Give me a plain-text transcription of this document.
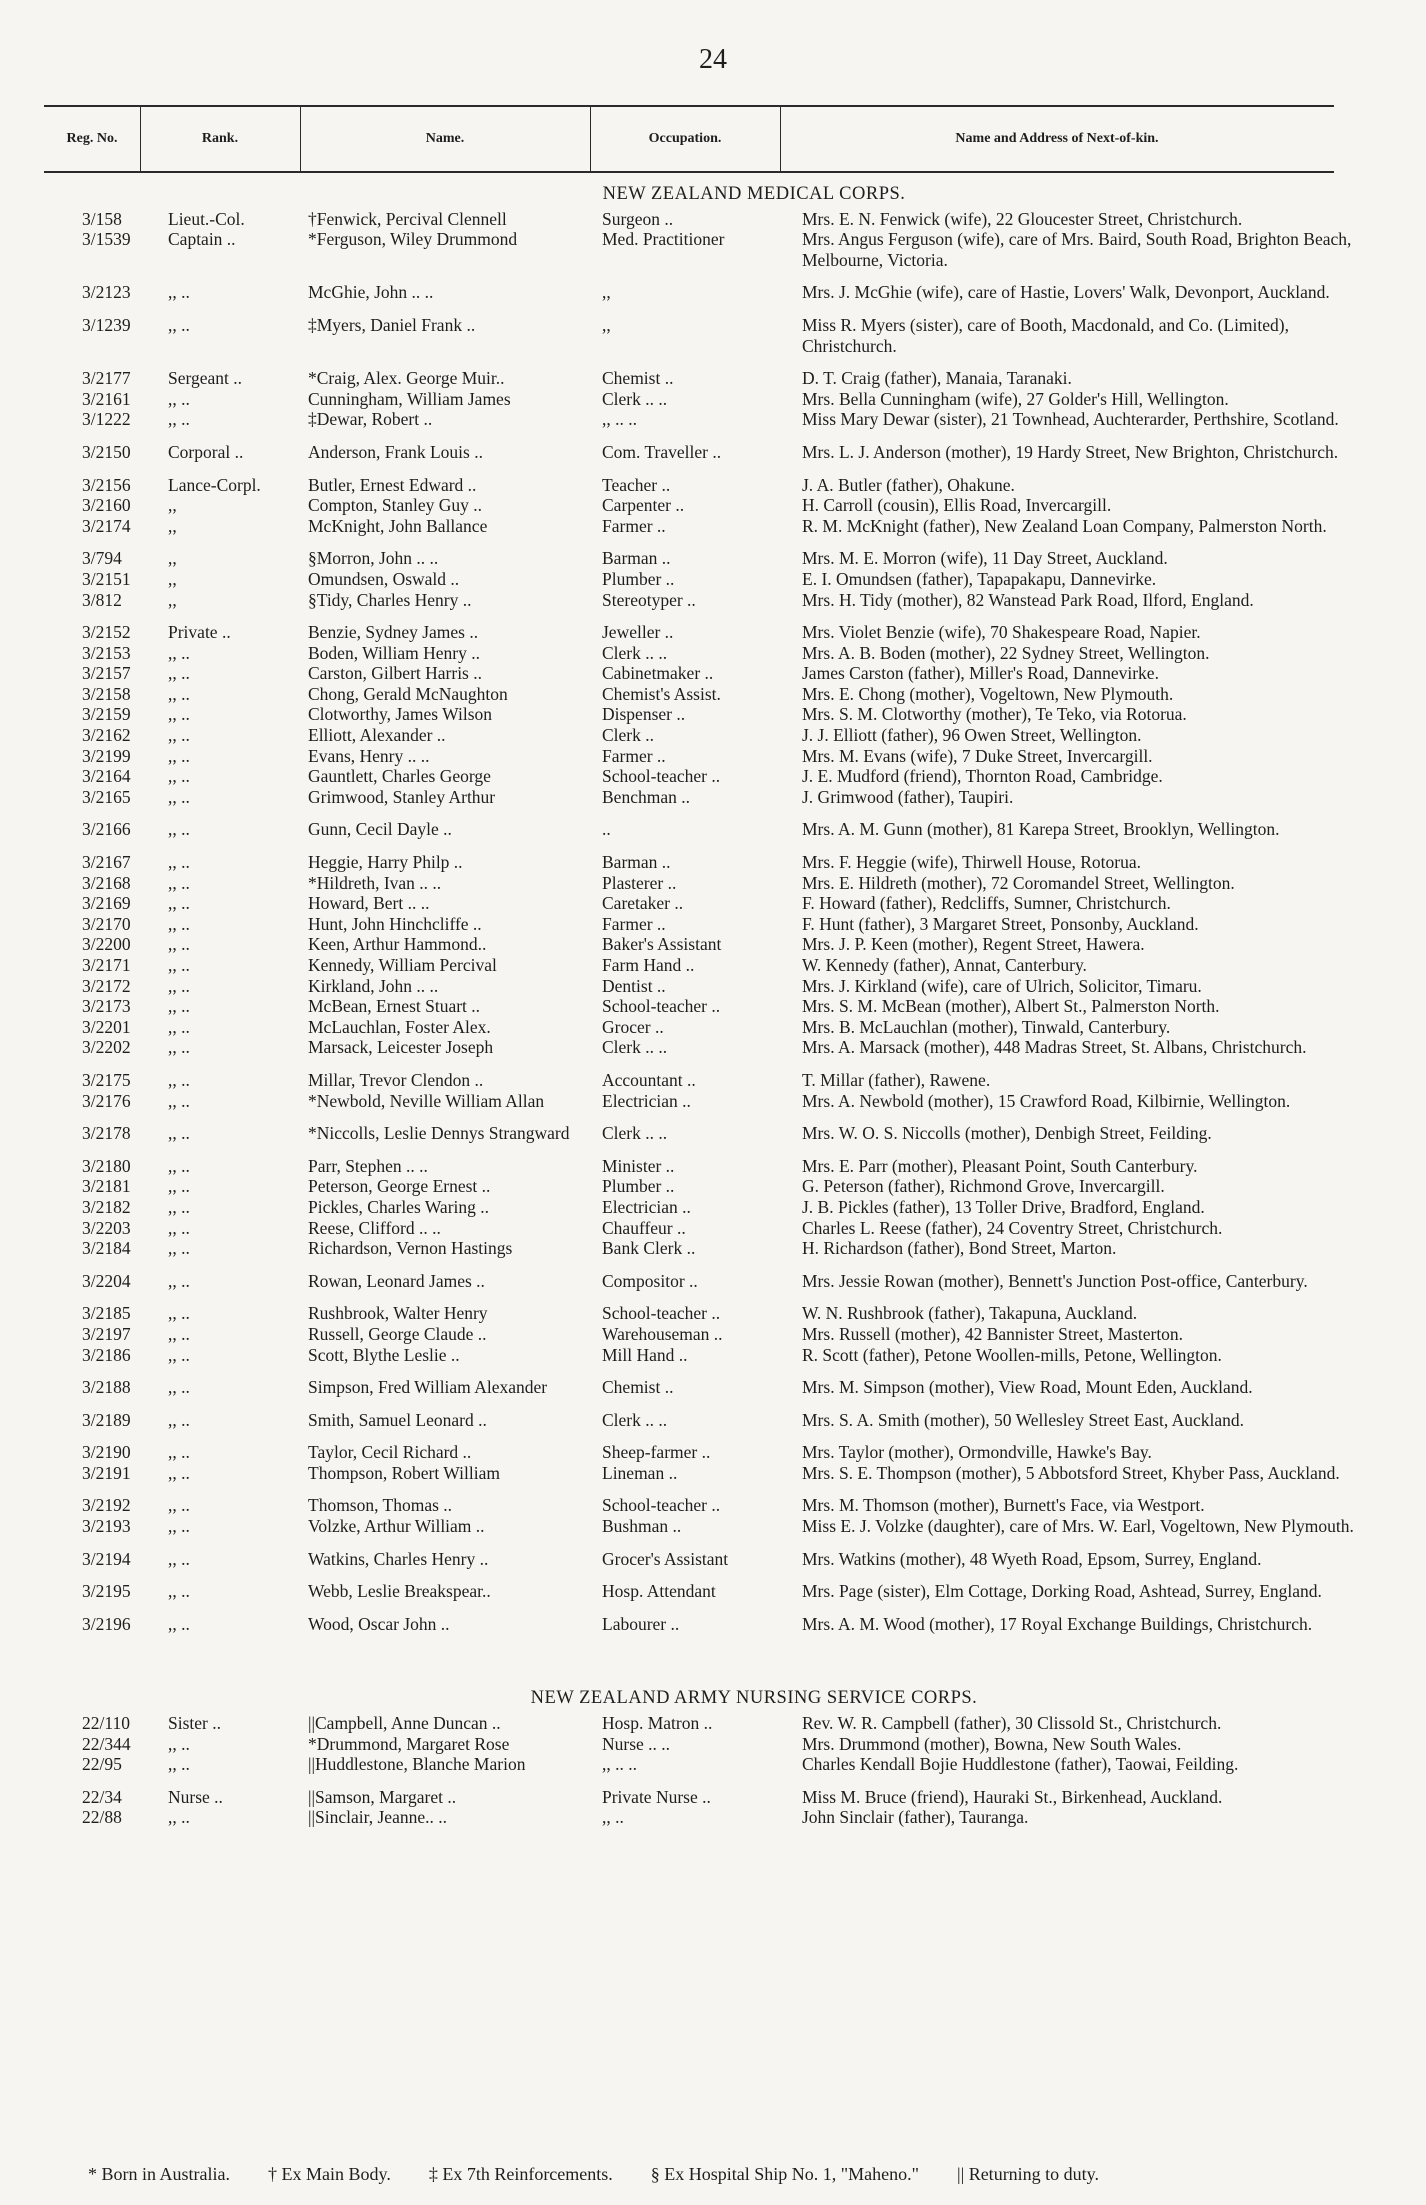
24
Reg. No.	Rank.	Name.	Occupation.	Name and Address of Next-of-kin.
NEW ZEALAND MEDICAL CORPS.
3/158	Lieut.-Col.	†Fenwick, Percival Clennell	Surgeon ..	Mrs. E. N. Fenwick (wife), 22 Gloucester Street, Christchurch.
3/1539	Captain ..	*Ferguson, Wiley Drummond	Med. Practitioner	Mrs. Angus Ferguson (wife), care of Mrs. Baird, South Road, Brighton Beach, Melbourne, Victoria.
3/2123	,, ..	McGhie, John .. ..	,,	Mrs. J. McGhie (wife), care of Hastie, Lovers' Walk, Devonport, Auckland.
3/1239	,, ..	‡Myers, Daniel Frank ..	,,	Miss R. Myers (sister), care of Booth, Macdonald, and Co. (Limited), Christchurch.
3/2177	Sergeant ..	*Craig, Alex. George Muir..	Chemist ..	D. T. Craig (father), Manaia, Taranaki.
3/2161	,, ..	Cunningham, William James	Clerk .. ..	Mrs. Bella Cunningham (wife), 27 Golder's Hill, Wellington.
3/1222	,, ..	‡Dewar, Robert ..	,, .. ..	Miss Mary Dewar (sister), 21 Townhead, Auchterarder, Perthshire, Scotland.
3/2150	Corporal ..	Anderson, Frank Louis ..	Com. Traveller ..	Mrs. L. J. Anderson (mother), 19 Hardy Street, New Brighton, Christchurch.
3/2156	Lance-Corpl.	Butler, Ernest Edward ..	Teacher ..	J. A. Butler (father), Ohakune.
3/2160	,,	Compton, Stanley Guy ..	Carpenter ..	H. Carroll (cousin), Ellis Road, Invercargill.
3/2174	,,	McKnight, John Ballance	Farmer ..	R. M. McKnight (father), New Zealand Loan Company, Palmerston North.
3/794	,,	§Morron, John .. ..	Barman ..	Mrs. M. E. Morron (wife), 11 Day Street, Auckland.
3/2151	,,	Omundsen, Oswald ..	Plumber ..	E. I. Omundsen (father), Tapapakapu, Dannevirke.
3/812	,,	§Tidy, Charles Henry ..	Stereotyper ..	Mrs. H. Tidy (mother), 82 Wanstead Park Road, Ilford, England.
3/2152	Private ..	Benzie, Sydney James ..	Jeweller ..	Mrs. Violet Benzie (wife), 70 Shakespeare Road, Napier.
3/2153	,, ..	Boden, William Henry ..	Clerk .. ..	Mrs. A. B. Boden (mother), 22 Sydney Street, Wellington.
3/2157	,, ..	Carston, Gilbert Harris ..	Cabinetmaker ..	James Carston (father), Miller's Road, Dannevirke.
3/2158	,, ..	Chong, Gerald McNaughton	Chemist's Assist.	Mrs. E. Chong (mother), Vogeltown, New Plymouth.
3/2159	,, ..	Clotworthy, James Wilson	Dispenser ..	Mrs. S. M. Clotworthy (mother), Te Teko, via Rotorua.
3/2162	,, ..	Elliott, Alexander ..	Clerk ..	J. J. Elliott (father), 96 Owen Street, Wellington.
3/2199	,, ..	Evans, Henry .. ..	Farmer ..	Mrs. M. Evans (wife), 7 Duke Street, Invercargill.
3/2164	,, ..	Gauntlett, Charles George	School-teacher ..	J. E. Mudford (friend), Thornton Road, Cambridge.
3/2165	,, ..	Grimwood, Stanley Arthur	Benchman ..	J. Grimwood (father), Taupiri.
3/2166	,, ..	Gunn, Cecil Dayle ..	..	Mrs. A. M. Gunn (mother), 81 Karepa Street, Brooklyn, Wellington.
3/2167	,, ..	Heggie, Harry Philp ..	Barman ..	Mrs. F. Heggie (wife), Thirwell House, Rotorua.
3/2168	,, ..	*Hildreth, Ivan .. ..	Plasterer ..	Mrs. E. Hildreth (mother), 72 Coromandel Street, Wellington.
3/2169	,, ..	Howard, Bert .. ..	Caretaker ..	F. Howard (father), Redcliffs, Sumner, Christchurch.
3/2170	,, ..	Hunt, John Hinchcliffe ..	Farmer ..	F. Hunt (father), 3 Margaret Street, Ponsonby, Auckland.
3/2200	,, ..	Keen, Arthur Hammond..	Baker's Assistant	Mrs. J. P. Keen (mother), Regent Street, Hawera.
3/2171	,, ..	Kennedy, William Percival	Farm Hand ..	W. Kennedy (father), Annat, Canterbury.
3/2172	,, ..	Kirkland, John .. ..	Dentist ..	Mrs. J. Kirkland (wife), care of Ulrich, Solicitor, Timaru.
3/2173	,, ..	McBean, Ernest Stuart ..	School-teacher ..	Mrs. S. M. McBean (mother), Albert St., Palmerston North.
3/2201	,, ..	McLauchlan, Foster Alex.	Grocer ..	Mrs. B. McLauchlan (mother), Tinwald, Canterbury.
3/2202	,, ..	Marsack, Leicester Joseph	Clerk .. ..	Mrs. A. Marsack (mother), 448 Madras Street, St. Albans, Christchurch.
3/2175	,, ..	Millar, Trevor Clendon ..	Accountant ..	T. Millar (father), Rawene.
3/2176	,, ..	*Newbold, Neville William Allan	Electrician ..	Mrs. A. Newbold (mother), 15 Crawford Road, Kilbirnie, Wellington.
3/2178	,, ..	*Niccolls, Leslie Dennys Strangward	Clerk .. ..	Mrs. W. O. S. Niccolls (mother), Denbigh Street, Feilding.
3/2180	,, ..	Parr, Stephen .. ..	Minister ..	Mrs. E. Parr (mother), Pleasant Point, South Canterbury.
3/2181	,, ..	Peterson, George Ernest ..	Plumber ..	G. Peterson (father), Richmond Grove, Invercargill.
3/2182	,, ..	Pickles, Charles Waring ..	Electrician ..	J. B. Pickles (father), 13 Toller Drive, Bradford, England.
3/2203	,, ..	Reese, Clifford .. ..	Chauffeur ..	Charles L. Reese (father), 24 Coventry Street, Christchurch.
3/2184	,, ..	Richardson, Vernon Hastings	Bank Clerk ..	H. Richardson (father), Bond Street, Marton.
3/2204	,, ..	Rowan, Leonard James ..	Compositor ..	Mrs. Jessie Rowan (mother), Bennett's Junction Post-office, Canterbury.
3/2185	,, ..	Rushbrook, Walter Henry	School-teacher ..	W. N. Rushbrook (father), Takapuna, Auckland.
3/2197	,, ..	Russell, George Claude ..	Warehouseman ..	Mrs. Russell (mother), 42 Bannister Street, Masterton.
3/2186	,, ..	Scott, Blythe Leslie ..	Mill Hand ..	R. Scott (father), Petone Woollen-mills, Petone, Wellington.
3/2188	,, ..	Simpson, Fred William Alexander	Chemist ..	Mrs. M. Simpson (mother), View Road, Mount Eden, Auckland.
3/2189	,, ..	Smith, Samuel Leonard ..	Clerk .. ..	Mrs. S. A. Smith (mother), 50 Wellesley Street East, Auckland.
3/2190	,, ..	Taylor, Cecil Richard ..	Sheep-farmer ..	Mrs. Taylor (mother), Ormondville, Hawke's Bay.
3/2191	,, ..	Thompson, Robert William	Lineman ..	Mrs. S. E. Thompson (mother), 5 Abbotsford Street, Khyber Pass, Auckland.
3/2192	,, ..	Thomson, Thomas ..	School-teacher ..	Mrs. M. Thomson (mother), Burnett's Face, via Westport.
3/2193	,, ..	Volzke, Arthur William ..	Bushman ..	Miss E. J. Volzke (daughter), care of Mrs. W. Earl, Vogeltown, New Plymouth.
3/2194	,, ..	Watkins, Charles Henry ..	Grocer's Assistant	Mrs. Watkins (mother), 48 Wyeth Road, Epsom, Surrey, England.
3/2195	,, ..	Webb, Leslie Breakspear..	Hosp. Attendant	Mrs. Page (sister), Elm Cottage, Dorking Road, Ashtead, Surrey, England.
3/2196	,, ..	Wood, Oscar John ..	Labourer ..	Mrs. A. M. Wood (mother), 17 Royal Exchange Buildings, Christchurch.
NEW ZEALAND ARMY NURSING SERVICE CORPS.
22/110	Sister ..	||Campbell, Anne Duncan ..	Hosp. Matron ..	Rev. W. R. Campbell (father), 30 Clissold St., Christchurch.
22/344	,, ..	*Drummond, Margaret Rose	Nurse .. ..	Mrs. Drummond (mother), Bowna, New South Wales.
22/95	,, ..	||Huddlestone, Blanche Marion	,, .. ..	Charles Kendall Bojie Huddlestone (father), Taowai, Feilding.
22/34	Nurse ..	||Samson, Margaret ..	Private Nurse ..	Miss M. Bruce (friend), Hauraki St., Birkenhead, Auckland.
22/88	,, ..	||Sinclair, Jeanne.. ..	,, ..	John Sinclair (father), Tauranga.
* Born in Australia. † Ex Main Body. ‡ Ex 7th Reinforcements. § Ex Hospital Ship No. 1, "Maheno." || Returning to duty.
